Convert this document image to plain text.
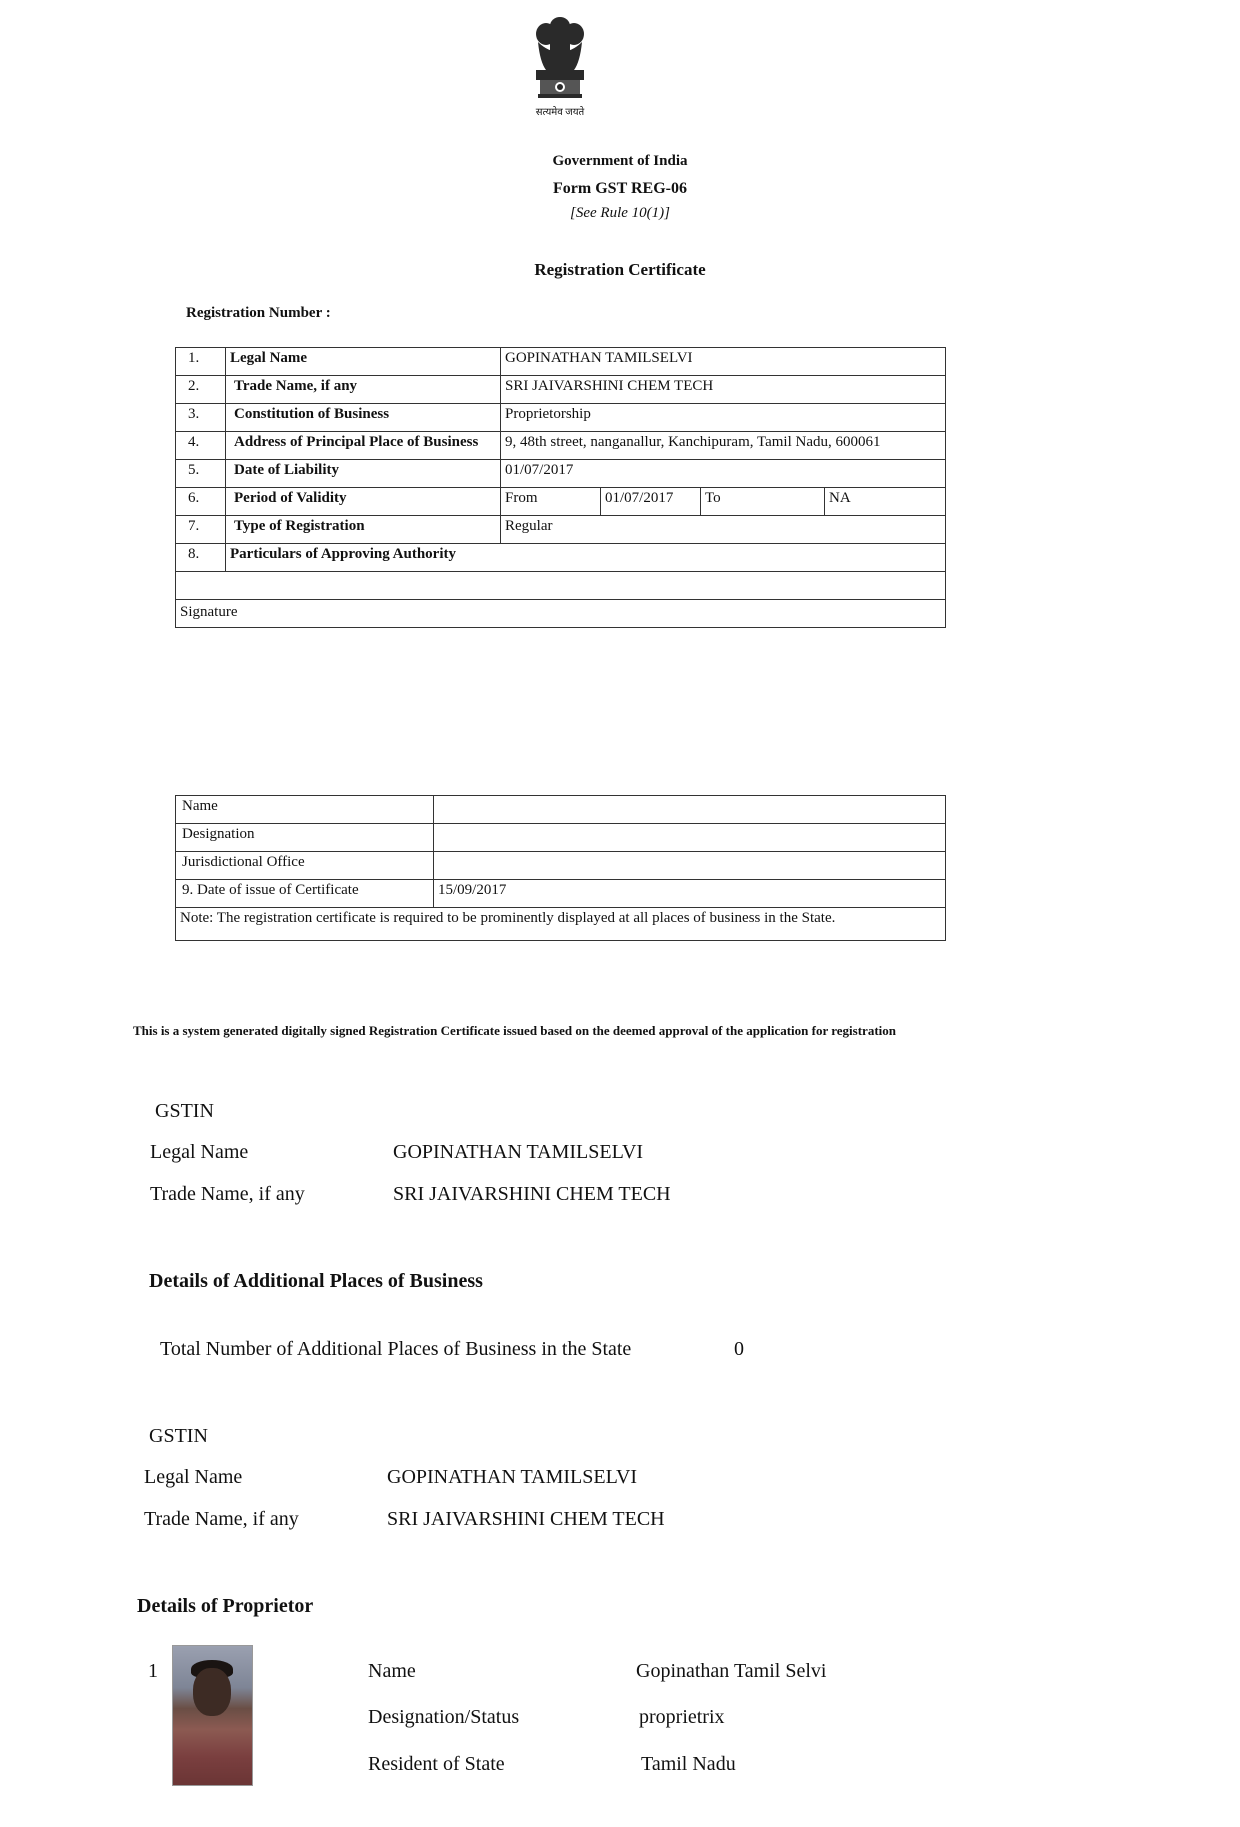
सत्यमेव जयते
Government of India
Form GST REG-06
[See Rule 10(1)]
Registration Certificate
Registration Number :
1.	Legal Name	GOPINATHAN TAMILSELVI			
2.	Trade Name, if any	SRI JAIVARSHINI CHEM TECH			
3.	Constitution of Business	Proprietorship			
4.	Address of Principal Place of Business	9, 48th street, nanganallur, Kanchipuram, Tamil Nadu, 600061			
5.	Date of Liability	01/07/2017			
6.	Period of Validity	From	01/07/2017	To	NA
7.	Type of Registration	Regular			
8.	Particulars of Approving Authority				

Signature					
Name	
Designation	
Jurisdictional Office	
9. Date of issue of Certificate	15/09/2017
Note: The registration certificate is required to be prominently displayed at all places of business in the State.	
This is a system generated digitally signed Registration Certificate issued based on the deemed approval of the application for registration
GSTIN
Legal Name	GOPINATHAN TAMILSELVI
Trade Name, if any	SRI JAIVARSHINI CHEM TECH
Details of Additional Places of Business
Total Number of Additional Places of Business in the State	0
GSTIN
Legal Name	GOPINATHAN TAMILSELVI
Trade Name, if any	SRI JAIVARSHINI CHEM TECH
Details of Proprietor
1	Name	Gopinathan Tamil Selvi
Designation/Status	proprietrix
Resident of State	Tamil Nadu
